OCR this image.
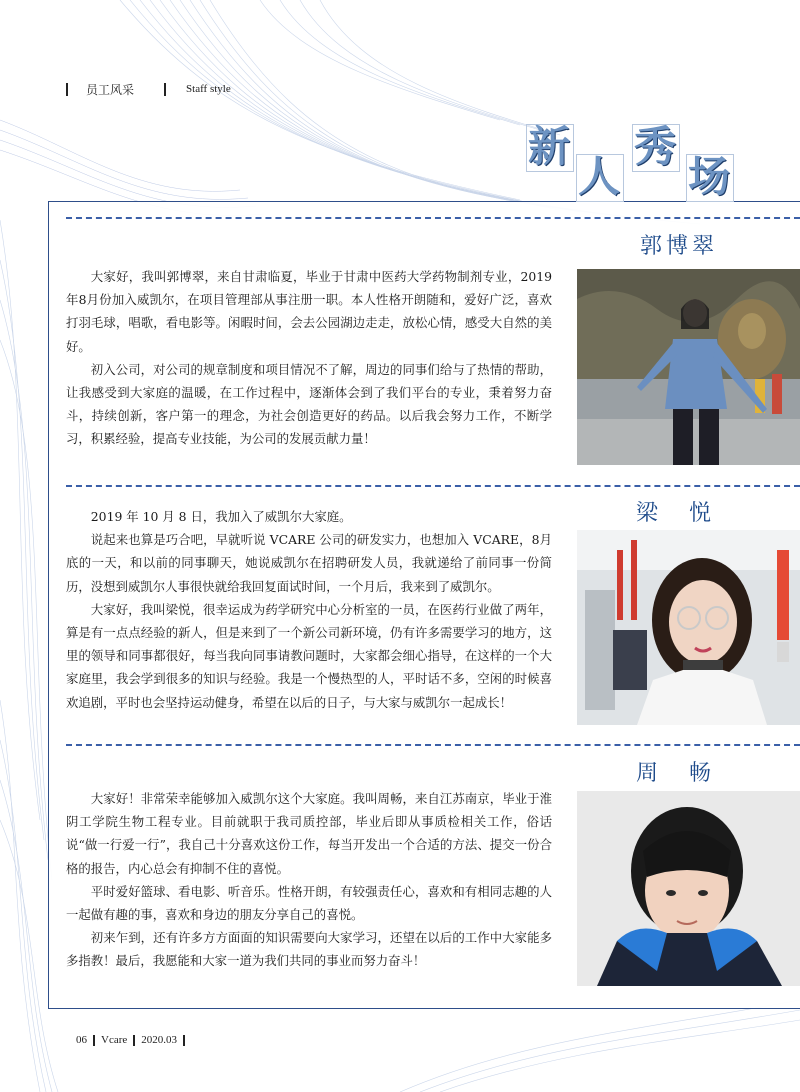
员工风采	Staff style
新
人
秀
场
郭博翠

大家好，我叫郭博翠，来自甘肃临夏，毕业于甘肃中医药大学药物制剂专业，2019年8月份加入威凯尔，在项目管理部从事注册一职。本人性格开朗随和，爱好广泛，喜欢打羽毛球，唱歌，看电影等。闲暇时间，会去公园湖边走走，放松心情，感受大自然的美好。

初入公司，对公司的规章制度和项目情况不了解，周边的同事们给与了热情的帮助，让我感受到大家庭的温暖，在工作过程中，逐渐体会到了我们平台的专业，秉着努力奋斗，持续创新，客户第一的理念，为社会创造更好的药品。以后我会努力工作，不断学习，积累经验，提高专业技能，为公司的发展贡献力量！

梁 悦

2019 年 10 月 8 日，我加入了威凯尔大家庭。

说起来也算是巧合吧，早就听说 VCARE 公司的研发实力，也想加入 VCARE，8月底的一天，和以前的同事聊天，她说威凯尔在招聘研发人员，我就递给了前同事一份简历，没想到威凯尔人事很快就给我回复面试时间，一个月后，我来到了威凯尔。

大家好，我叫梁悦，很幸运成为药学研究中心分析室的一员，在医药行业做了两年，算是有一点点经验的新人，但是来到了一个新公司新环境，仍有许多需要学习的地方，这里的领导和同事都很好，每当我向同事请教问题时，大家都会细心指导，在这样的一个大家庭里，我会学到很多的知识与经验。我是一个慢热型的人，平时话不多，空闲的时候喜欢追剧，平时也会坚持运动健身，希望在以后的日子，与大家与威凯尔一起成长！

周 畅

大家好！非常荣幸能够加入威凯尔这个大家庭。我叫周畅，来自江苏南京，毕业于淮阴工学院生物工程专业。目前就职于我司质控部，毕业后即从事质检相关工作，俗话说“做一行爱一行”，我自己十分喜欢这份工作，每当开发出一个合适的方法、提交一份合格的报告，内心总会有抑制不住的喜悦。

平时爱好篮球、看电影、听音乐。性格开朗，有较强责任心，喜欢和有相同志趣的人一起做有趣的事，喜欢和身边的朋友分享自己的喜悦。

初来乍到，还有许多方方面面的知识需要向大家学习，还望在以后的工作中大家能多多指教！最后，我愿能和大家一道为我们共同的事业而努力奋斗！

06 Vcare 2020.03
